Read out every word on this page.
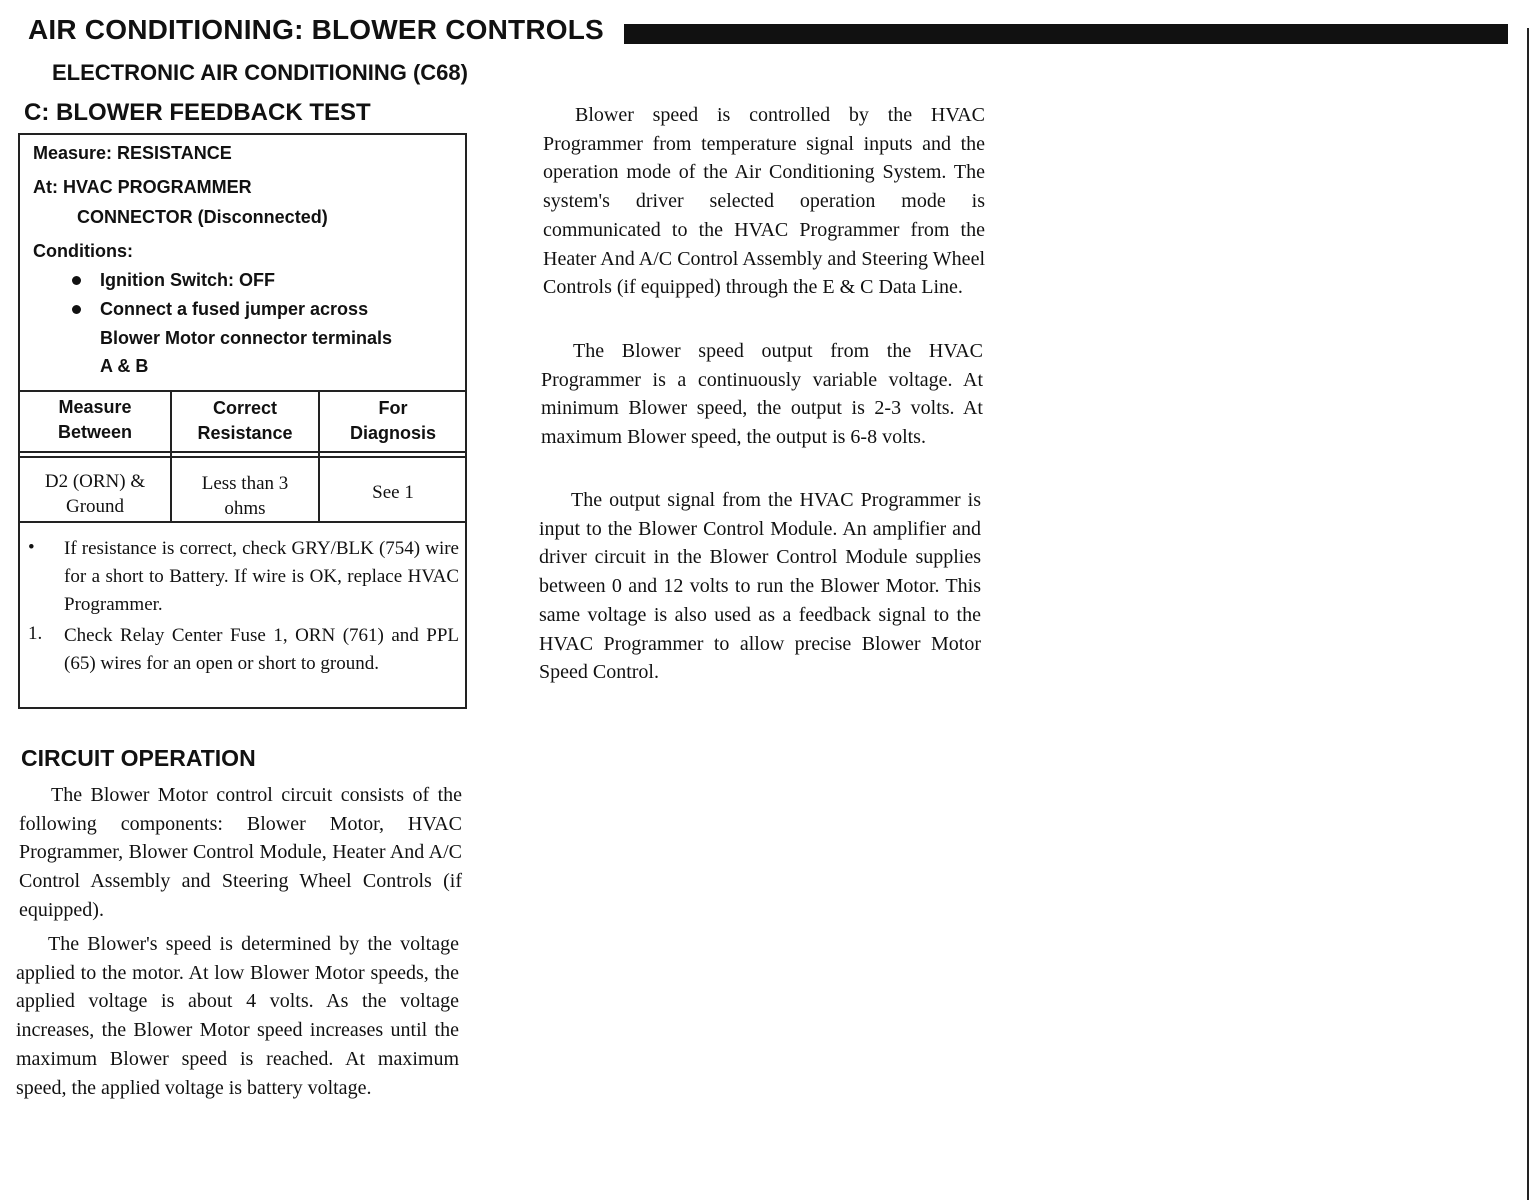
AIR CONDITIONING: BLOWER CONTROLS
ELECTRONIC AIR CONDITIONING (C68)
C: BLOWER FEEDBACK TEST
Measure: RESISTANCE
At: HVAC PROGRAMMER
CONNECTOR (Disconnected)
Conditions:
Ignition Switch: OFF
Connect a fused jumper across
Blower Motor connector terminals
A & B
Measure
Between
Correct
Resistance
For
Diagnosis
D2 (ORN) &
Ground
Less than 3
ohms
See 1
• If resistance is correct, check GRY/BLK (754) wire for a short to Battery. If wire is OK, replace HVAC Programmer.
1. Check Relay Center Fuse 1, ORN (761) and PPL (65) wires for an open or short to ground.
CIRCUIT OPERATION

The Blower Motor control circuit consists of the following components: Blower Motor, HVAC Programmer, Blower Control Module, Heater And A/C Control Assembly and Steering Wheel Controls (if equipped).

The Blower's speed is determined by the voltage applied to the motor. At low Blower Motor speeds, the applied voltage is about 4 volts. As the voltage increases, the Blower Motor speed increases until the maximum Blower speed is reached. At maximum speed, the applied voltage is battery voltage.

Blower speed is controlled by the HVAC Programmer from temperature signal inputs and the operation mode of the Air Conditioning System. The system's driver selected operation mode is communicated to the HVAC Programmer from the Heater And A/C Control Assembly and Steering Wheel Controls (if equipped) through the E & C Data Line.

The Blower speed output from the HVAC Programmer is a continuously variable voltage. At minimum Blower speed, the output is 2-3 volts. At maximum Blower speed, the output is 6-8 volts.

The output signal from the HVAC Programmer is input to the Blower Control Module. An amplifier and driver circuit in the Blower Control Module supplies between 0 and 12 volts to run the Blower Motor. This same voltage is also used as a feedback signal to the HVAC Programmer to allow precise Blower Motor Speed Control.
